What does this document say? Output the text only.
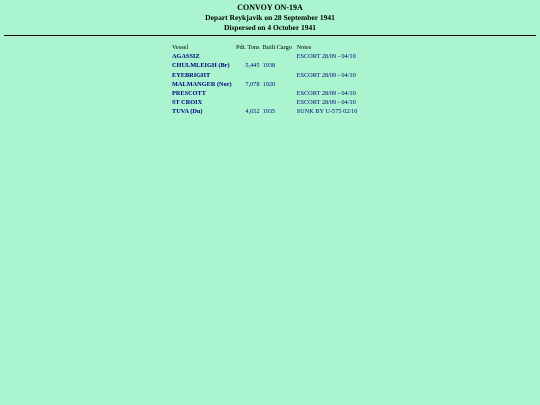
CONVOY ON-19A
Depart Reykjavik on 28 September 1941
Dispersed on 4 October 1941
Vessel	Pdt. Tons	Built	Cargo	Notes
AGASSIZ				ESCORT 28/09 - 04/10
CHULMLEIGH (Br)	5,445	1938		
EYEBRIGHT				ESCORT 28/09 - 04/10
MALMANGER (Nor)	7,078	1920		
PRESCOTT				ESCORT 28/09 - 04/10
ST CROIX				ESCORT 28/09 - 04/10
TUVA (Du)	4,652	1935		SUNK BY U-575 02/10
